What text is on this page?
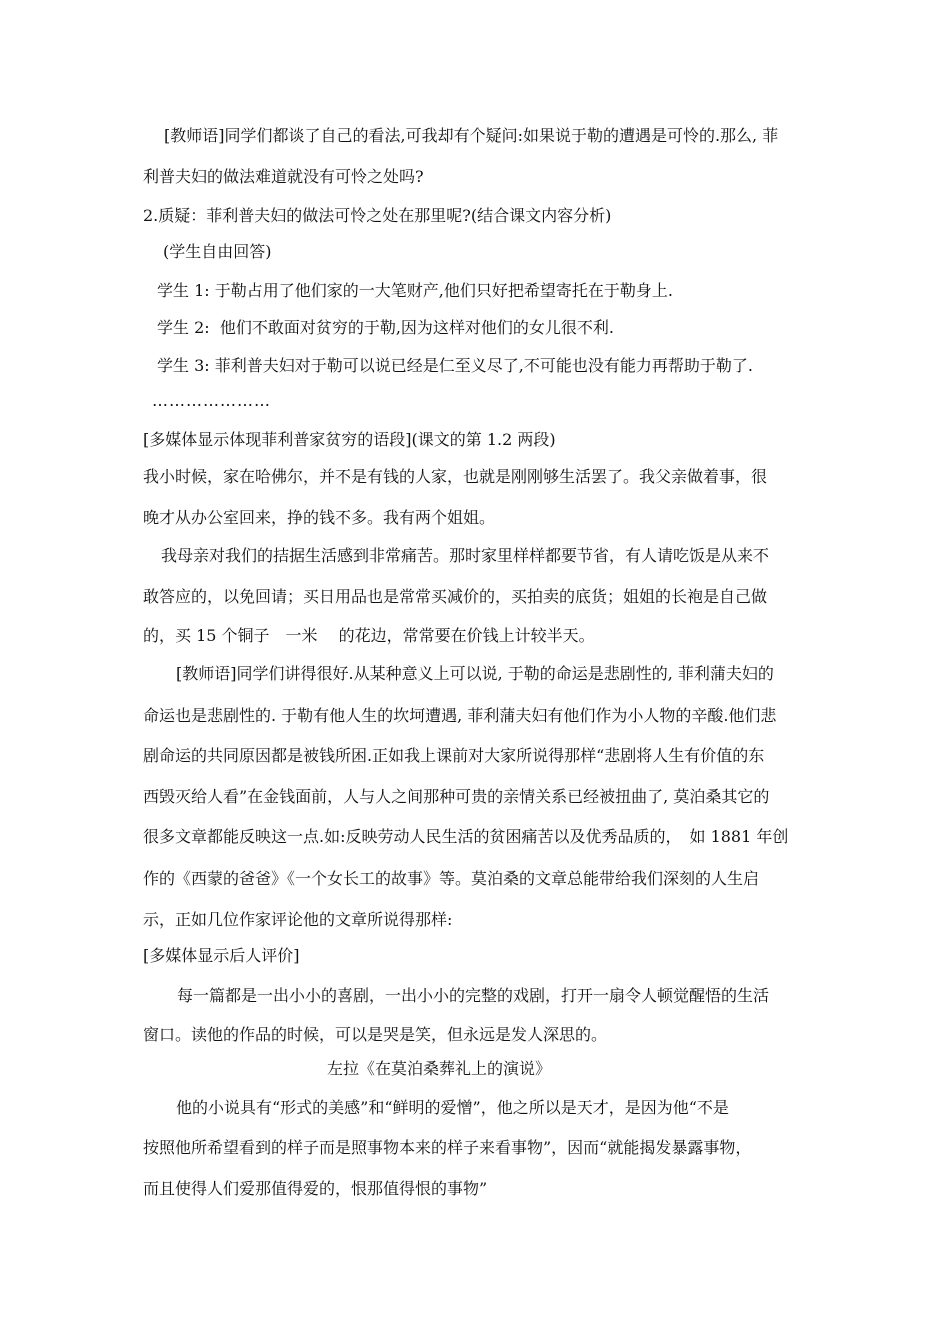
　[教师语]同学们都谈了自己的看法,可我却有个疑问:如果说于勒的遭遇是可怜的.那么, 菲
利普夫妇的做法难道就没有可怜之处吗?
2.质疑：菲利普夫妇的做法可怜之处在那里呢?(结合课文内容分析)
　(学生自由回答)
学生 1: 于勒占用了他们家的一大笔财产,他们只好把希望寄托在于勒身上.
学生 2:  他们不敢面对贫穷的于勒,因为这样对他们的女儿很不利.
学生 3: 菲利普夫妇对于勒可以说已经是仁至义尽了,不可能也没有能力再帮助于勒了.
…………………
[多媒体显示体现菲利普家贫穷的语段](课文的第 1.2 两段)
我小时候，家在哈佛尔，并不是有钱的人家，也就是刚刚够生活罢了。我父亲做着事，很
晚才从办公室回来，挣的钱不多。我有两个姐姐。
我母亲对我们的拮据生活感到非常痛苦。那时家里样样都要节省，有人请吃饭是从来不
敢答应的，以免回请；买日用品也是常常买减价的，买拍卖的底货；姐姐的长袍是自己做
的，买 15 个铜子　一米　 的花边，常常要在价钱上计较半天。
[教师语]同学们讲得很好.从某种意义上可以说, 于勒的命运是悲剧性的, 菲利蒲夫妇的
命运也是悲剧性的. 于勒有他人生的坎坷遭遇, 菲利蒲夫妇有他们作为小人物的辛酸.他们悲
剧命运的共同原因都是被钱所困.正如我上课前对大家所说得那样“悲剧将人生有价值的东
西毁灭给人看”在金钱面前，人与人之间那种可贵的亲情关系已经被扭曲了, 莫泊桑其它的
很多文章都能反映这一点.如:反映劳动人民生活的贫困痛苦以及优秀品质的，　如 1881 年创
作的《西蒙的爸爸》《一个女长工的故事》等。莫泊桑的文章总能带给我们深刻的人生启
示，正如几位作家评论他的文章所说得那样:
[多媒体显示后人评价]
每一篇都是一出小小的喜剧，一出小小的完整的戏剧，打开一扇令人顿觉醒悟的生活
窗口。读他的作品的时候，可以是哭是笑，但永远是发人深思的。
左拉《在莫泊桑葬礼上的演说》
他的小说具有“形式的美感”和“鲜明的爱憎”，他之所以是天才，是因为他“不是
按照他所希望看到的样子而是照事物本来的样子来看事物”，因而“就能揭发暴露事物，
而且使得人们爱那值得爱的，恨那值得恨的事物”
